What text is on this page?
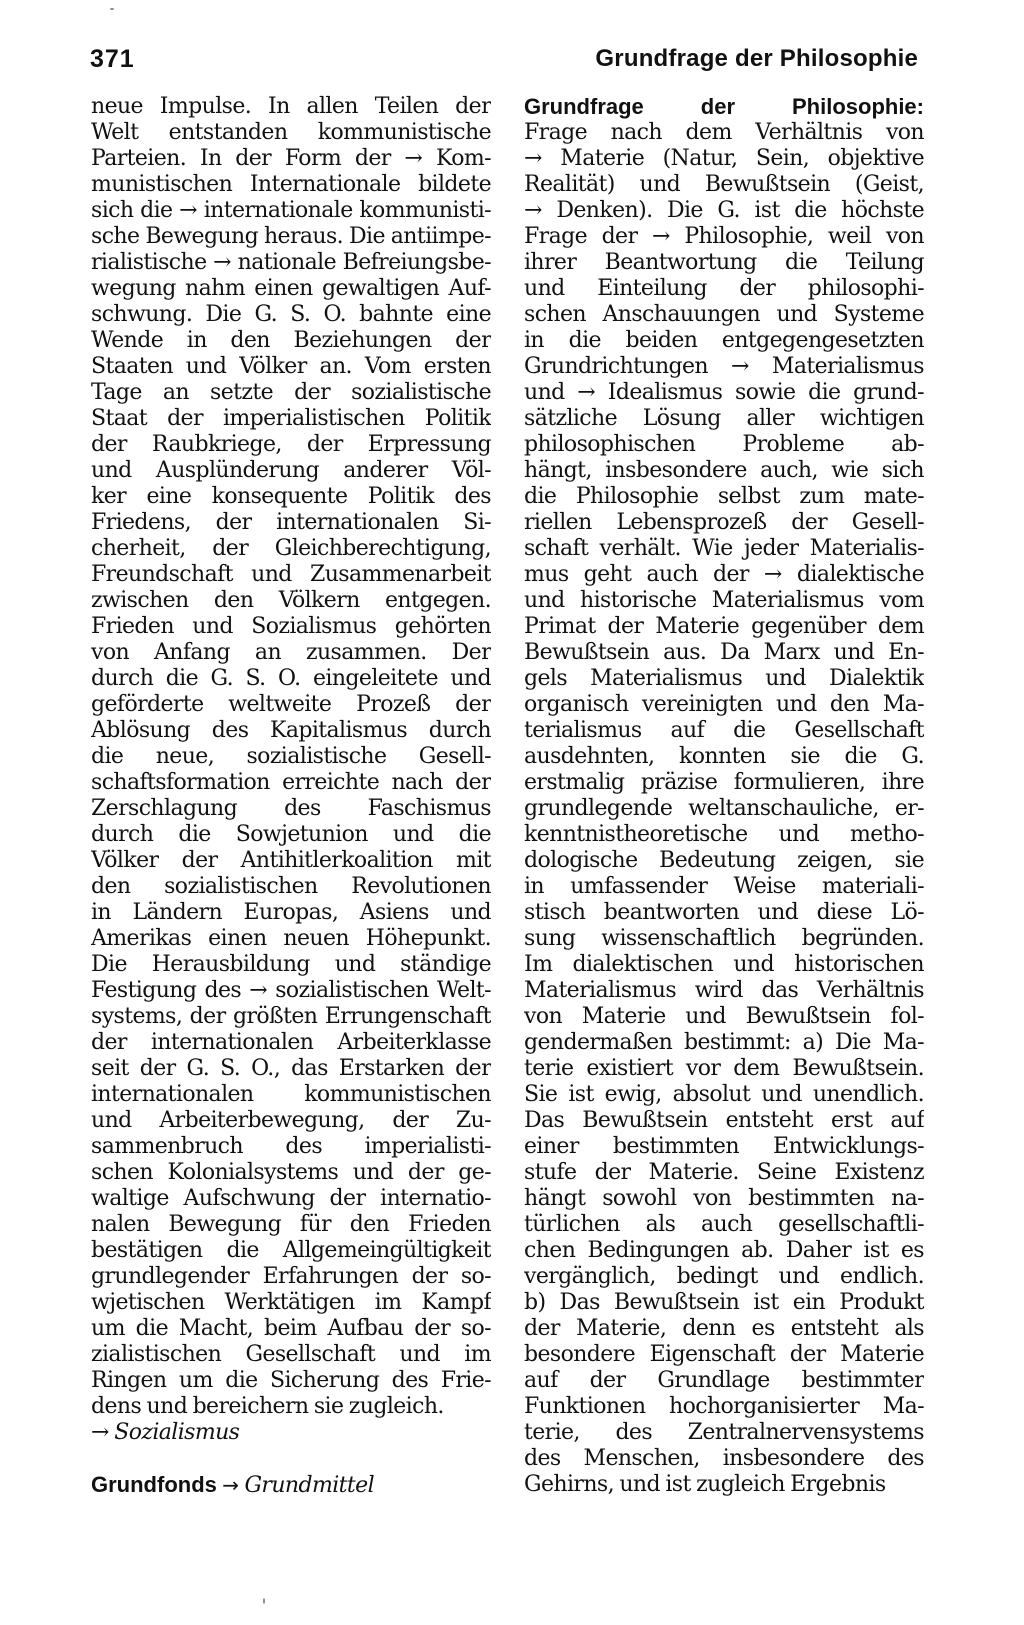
371	Grundfrage der Philosophie
neue Impulse. In allen Teilen der
Welt entstanden kommunistische
Parteien. In der Form der → Kom-
munistischen Internationale bildete
sich die → internationale kommunisti-
sche Bewegung heraus. Die antiimpe-
rialistische → nationale Befreiungsbe-
wegung nahm einen gewaltigen Auf-
schwung. Die G. S. O. bahnte eine
Wende in den Beziehungen der
Staaten und Völker an. Vom ersten
Tage an setzte der sozialistische
Staat der imperialistischen Politik
der Raubkriege, der Erpressung
und Ausplünderung anderer Völ-
ker eine konsequente Politik des
Friedens, der internationalen Si-
cherheit, der Gleichberechtigung,
Freundschaft und Zusammenarbeit
zwischen den Völkern entgegen.
Frieden und Sozialismus gehörten
von Anfang an zusammen. Der
durch die G. S. O. eingeleitete und
geförderte weltweite Prozeß der
Ablösung des Kapitalismus durch
die neue, sozialistische Gesell-
schaftsformation erreichte nach der
Zerschlagung des Faschismus
durch die Sowjetunion und die
Völker der Antihitlerkoalition mit
den sozialistischen Revolutionen
in Ländern Europas, Asiens und
Amerikas einen neuen Höhepunkt.
Die Herausbildung und ständige
Festigung des → sozialistischen Welt-
systems, der größten Errungenschaft
der internationalen Arbeiterklasse
seit der G. S. O., das Erstarken der
internationalen kommunistischen
und Arbeiterbewegung, der Zu-
sammenbruch des imperialisti-
schen Kolonialsystems und der ge-
waltige Aufschwung der internatio-
nalen Bewegung für den Frieden
bestätigen die Allgemeingültigkeit
grundlegender Erfahrungen der so-
wjetischen Werktätigen im Kampf
um die Macht, beim Aufbau der so-
zialistischen Gesellschaft und im
Ringen um die Sicherung des Frie-
dens und bereichern sie zugleich.
→ Sozialismus
Grundfonds → Grundmittel
Grundfrage der Philosophie:
Frage nach dem Verhältnis von
→ Materie (Natur, Sein, objektive
Realität) und Bewußtsein (Geist,
→ Denken). Die G. ist die höchste
Frage der → Philosophie, weil von
ihrer Beantwortung die Teilung
und Einteilung der philosophi-
schen Anschauungen und Systeme
in die beiden entgegengesetzten
Grundrichtungen → Materialismus
und → Idealismus sowie die grund-
sätzliche Lösung aller wichtigen
philosophischen Probleme ab-
hängt, insbesondere auch, wie sich
die Philosophie selbst zum mate-
riellen Lebensprozeß der Gesell-
schaft verhält. Wie jeder Materialis-
mus geht auch der → dialektische
und historische Materialismus vom
Primat der Materie gegenüber dem
Bewußtsein aus. Da Marx und En-
gels Materialismus und Dialektik
organisch vereinigten und den Ma-
terialismus auf die Gesellschaft
ausdehnten, konnten sie die G.
erstmalig präzise formulieren, ihre
grundlegende weltanschauliche, er-
kenntnistheoretische und metho-
dologische Bedeutung zeigen, sie
in umfassender Weise materiali-
stisch beantworten und diese Lö-
sung wissenschaftlich begründen.
Im dialektischen und historischen
Materialismus wird das Verhältnis
von Materie und Bewußtsein fol-
gendermaßen bestimmt: a) Die Ma-
terie existiert vor dem Bewußtsein.
Sie ist ewig, absolut und unendlich.
Das Bewußtsein entsteht erst auf
einer bestimmten Entwicklungs-
stufe der Materie. Seine Existenz
hängt sowohl von bestimmten na-
türlichen als auch gesellschaftli-
chen Bedingungen ab. Daher ist es
vergänglich, bedingt und endlich.
b) Das Bewußtsein ist ein Produkt
der Materie, denn es entsteht als
besondere Eigenschaft der Materie
auf der Grundlage bestimmter
Funktionen hochorganisierter Ma-
terie, des Zentralnervensystems
des Menschen, insbesondere des
Gehirns, und ist zugleich Ergebnis
